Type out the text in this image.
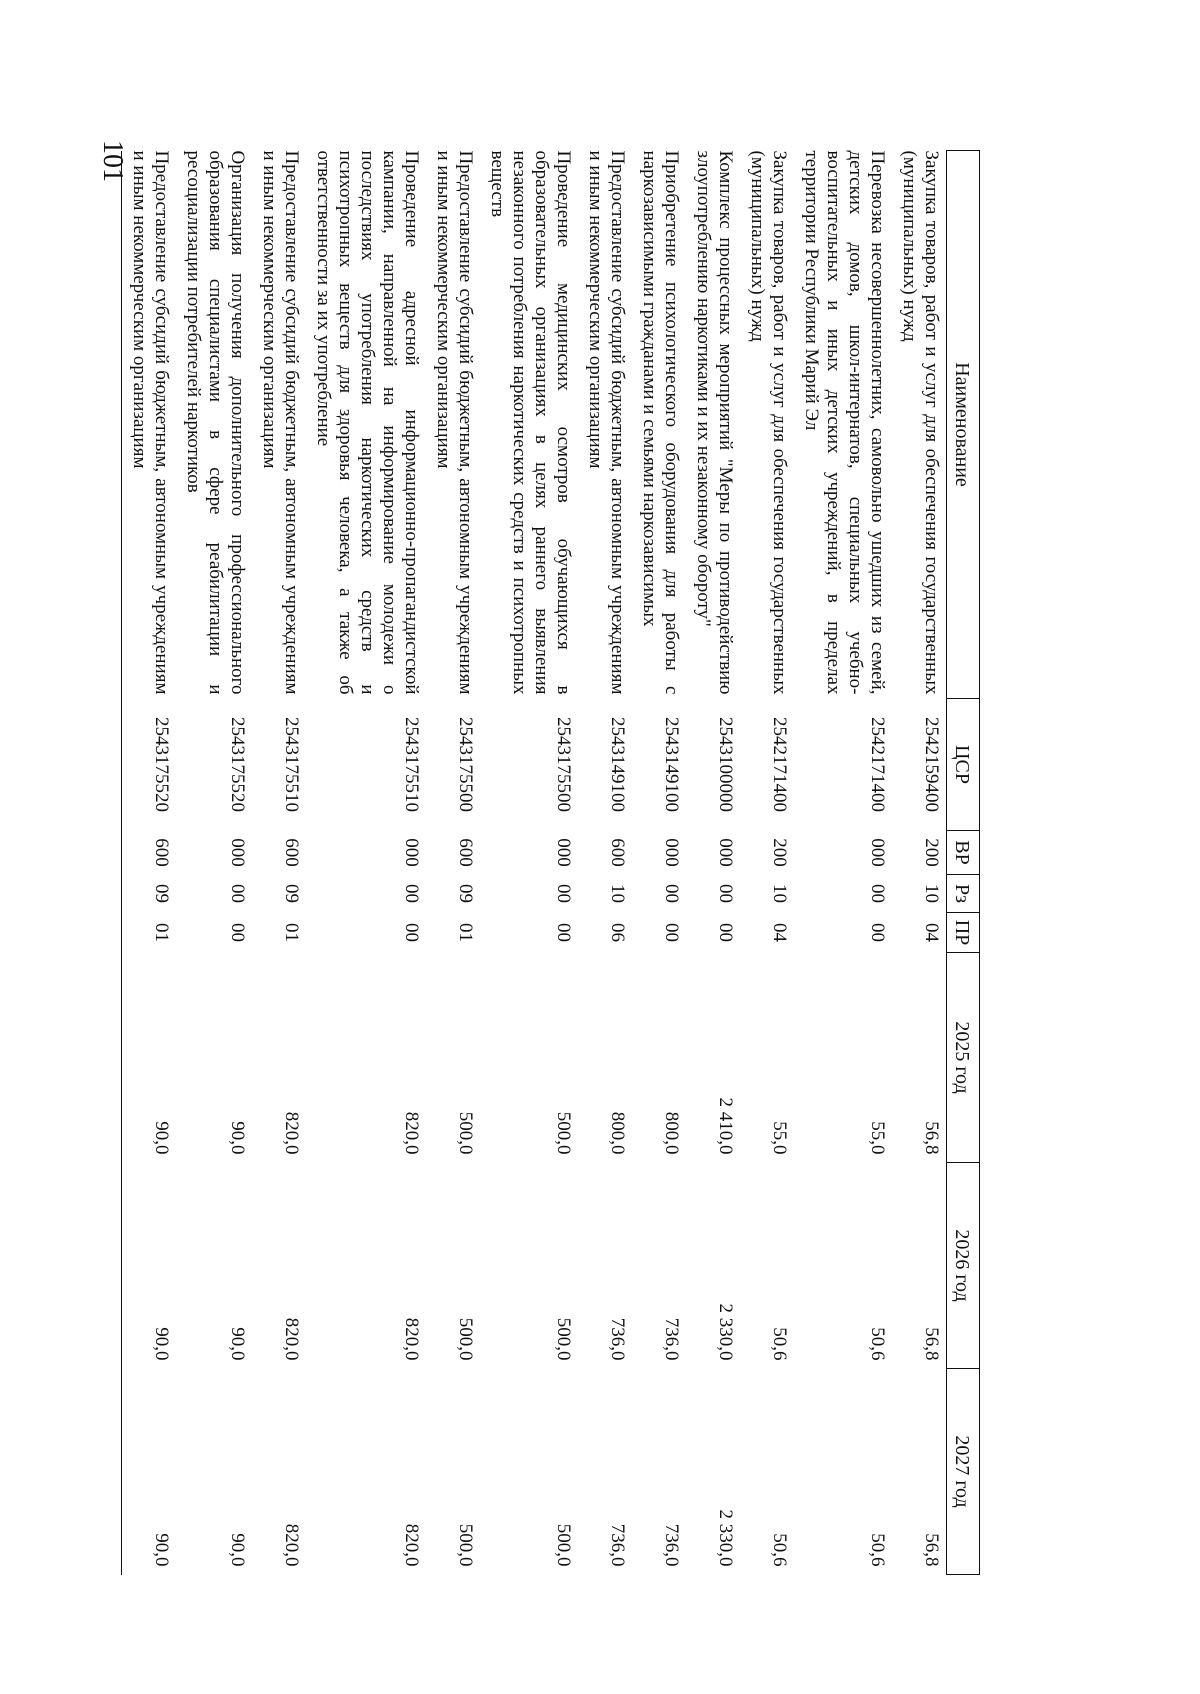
101
Наименование	ЦСР	ВР	Рз	ПР	2025 год	2026 год	2027 год
Закупка товаров, работ и услуг для обеспечения государственных (муниципальных) нужд	2542159400	200	10	04	56,8	56,8	56,8
Перевозка несовершеннолетних, самовольно ушедших из семей, детских домов, школ-интернатов, специальных учебно-воспитательных и иных детских учреждений, в пределах территории Республики Марий Эл	2542171400	000	00	00	55,0	50,6	50,6
Закупка товаров, работ и услуг для обеспечения государственных (муниципальных) нужд	2542171400	200	10	04	55,0	50,6	50,6
Комплекс процессных мероприятий "Меры по противодействию злоупотреблению наркотиками и их незаконному обороту"	2543100000	000	00	00	2 410,0	2 330,0	2 330,0
Приобретение психологического оборудования для работы с наркозависимыми гражданами и семьями наркозависимых	2543149100	000	00	00	800,0	736,0	736,0
Предоставление субсидий бюджетным, автономным учреждениям и иным некоммерческим организациям	2543149100	600	10	06	800,0	736,0	736,0
Проведение медицинских осмотров обучающихся в образовательных организациях в целях раннего выявления незаконного потребления наркотических средств и психотропных веществ	2543175500	000	00	00	500,0	500,0	500,0
Предоставление субсидий бюджетным, автономным учреждениям и иным некоммерческим организациям	2543175500	600	09	01	500,0	500,0	500,0
Проведение адресной информационно-пропагандистской кампании, направленной на информирование молодежи о последствиях употребления наркотических средств и психотропных веществ для здоровья человека, а также об ответственности за их употребление	2543175510	000	00	00	820,0	820,0	820,0
Предоставление субсидий бюджетным, автономным учреждениям и иным некоммерческим организациям	2543175510	600	09	01	820,0	820,0	820,0
Организация получения дополнительного профессионального образования специалистами в сфере реабилитации и ресоциализации потребителей наркотиков	2543175520	000	00	00	90,0	90,0	90,0
Предоставление субсидий бюджетным, автономным учреждениям и иным некоммерческим организациям	2543175520	600	09	01	90,0	90,0	90,0
